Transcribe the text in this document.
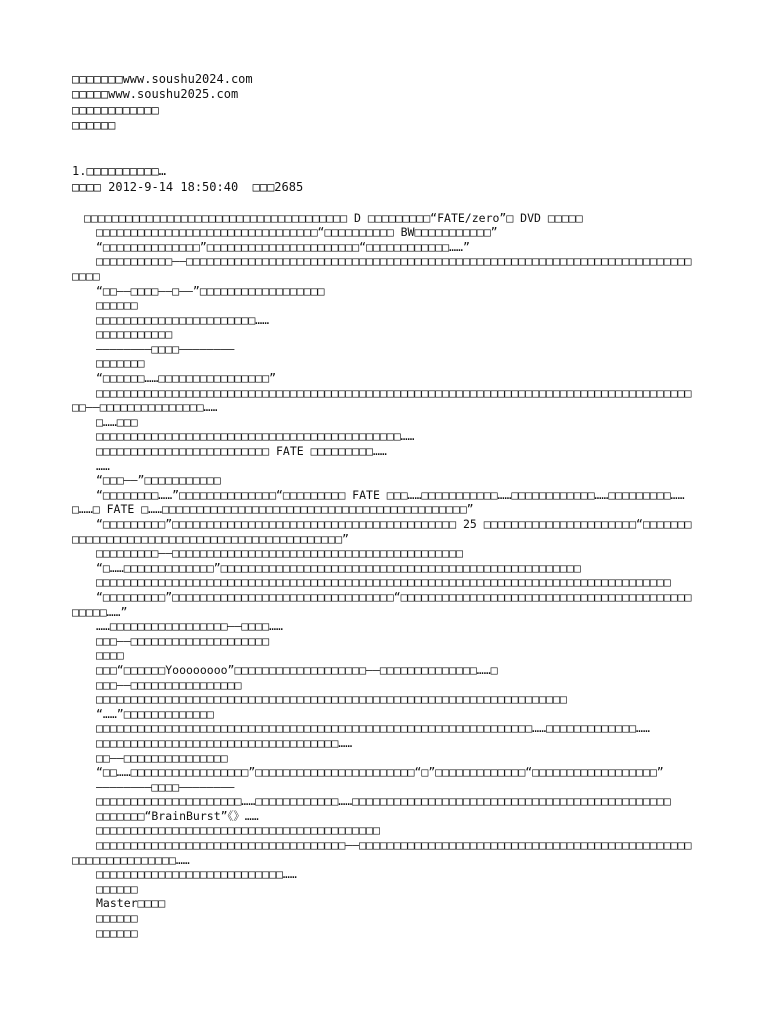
□□□□□□□www.soushu2024.com
□□□□□www.soushu2025.com
□□□□□□□□□□□□
□□□□□□
1.□□□□□□□□□□…
□□□□ 2012-9-14 18:50:40  □□□2685

□□□□□□□□□□□□□□□□□□□□□□□□□□□□□□□□□□□□□□ D □□□□□□□□□“FATE/zero”□ DVD □□□□□

□□□□□□□□□□□□□□□□□□□□□□□□□□□□□□□□“□□□□□□□□□□ BW□□□□□□□□□□□”

“□□□□□□□□□□□□□□”□□□□□□□□□□□□□□□□□□□□□□“□□□□□□□□□□□□……”

□□□□□□□□□□□——□□□□□□□□□□□□□□□□□□□□□□□□□□□□□□□□□□□□□□□□□□□□□□□□□□□□□□□□□□□□□□□□□□□□□□□□□□□□□

“□□——□□□□——□——”□□□□□□□□□□□□□□□□□□

□□□□□□

□□□□□□□□□□□□□□□□□□□□□□□……

□□□□□□□□□□□

————————□□□□————————

□□□□□□□

“□□□□□□……□□□□□□□□□□□□□□□□”

□□□□□□□□□□□□□□□□□□□□□□□□□□□□□□□□□□□□□□□□□□□□□□□□□□□□□□□□□□□□□□□□□□□□□□□□□□□□□□□□□□□□□□□□——□□□□□□□□□□□□□□□……

□……□□□

□□□□□□□□□□□□□□□□□□□□□□□□□□□□□□□□□□□□□□□□□□□□……

□□□□□□□□□□□□□□□□□□□□□□□□□ FATE □□□□□□□□□……

……

“□□□——”□□□□□□□□□□□

“□□□□□□□□……”□□□□□□□□□□□□□□“□□□□□□□□□ FATE □□□……□□□□□□□□□□□……□□□□□□□□□□□□……□□□□□□□□□……□……□ FATE □……□□□□□□□□□□□□□□□□□□□□□□□□□□□□□□□□□□□□□□□□□□□□”

“□□□□□□□□□”□□□□□□□□□□□□□□□□□□□□□□□□□□□□□□□□□□□□□□□□□ 25 □□□□□□□□□□□□□□□□□□□□□□“□□□□□□□□□□□□□□□□□□□□□□□□□□□□□□□□□□□□□□□□□□□□□□”

□□□□□□□□□——□□□□□□□□□□□□□□□□□□□□□□□□□□□□□□□□□□□□□□□□□□

“□……□□□□□□□□□□□□□”□□□□□□□□□□□□□□□□□□□□□□□□□□□□□□□□□□□□□□□□□□□□□□□□□□□□

□□□□□□□□□□□□□□□□□□□□□□□□□□□□□□□□□□□□□□□□□□□□□□□□□□□□□□□□□□□□□□□□□□□□□□□□□□□□□□□□□□□

“□□□□□□□□□”□□□□□□□□□□□□□□□□□□□□□□□□□□□□□□□□“□□□□□□□□□□□□□□□□□□□□□□□□□□□□□□□□□□□□□□□□□□□□□□□……”

……□□□□□□□□□□□□□□□□□——□□□□……

□□□——□□□□□□□□□□□□□□□□□□□□

□□□□

□□□“□□□□□□Yoooooooo”□□□□□□□□□□□□□□□□□□□——□□□□□□□□□□□□□□……□

□□□——□□□□□□□□□□□□□□□□

□□□□□□□□□□□□□□□□□□□□□□□□□□□□□□□□□□□□□□□□□□□□□□□□□□□□□□□□□□□□□□□□□□□□

“……”□□□□□□□□□□□□□

□□□□□□□□□□□□□□□□□□□□□□□□□□□□□□□□□□□□□□□□□□□□□□□□□□□□□□□□□□□□□□□……□□□□□□□□□□□□□……

□□□□□□□□□□□□□□□□□□□□□□□□□□□□□□□□□□□……

□□——□□□□□□□□□□□□□□□

“□□……□□□□□□□□□□□□□□□□□”□□□□□□□□□□□□□□□□□□□□□□□“□”□□□□□□□□□□□□□“□□□□□□□□□□□□□□□□□□”

————————□□□□————————

□□□□□□□□□□□□□□□□□□□□□……□□□□□□□□□□□□……□□□□□□□□□□□□□□□□□□□□□□□□□□□□□□□□□□□□□□□□□□□□□□

□□□□□□□“BrainBurst”《》……

□□□□□□□□□□□□□□□□□□□□□□□□□□□□□□□□□□□□□□□□□

□□□□□□□□□□□□□□□□□□□□□□□□□□□□□□□□□□□□——□□□□□□□□□□□□□□□□□□□□□□□□□□□□□□□□□□□□□□□□□□□□□□□□□□□□□□□□□□□□□□□……

□□□□□□□□□□□□□□□□□□□□□□□□□□□……

□□□□□□

Master□□□□

□□□□□□

□□□□□□
